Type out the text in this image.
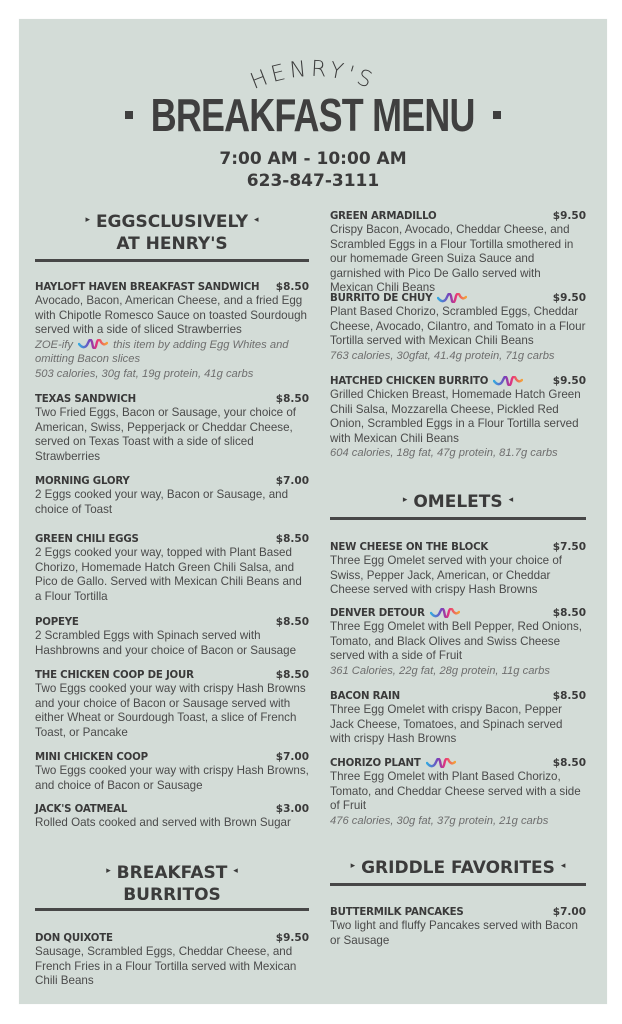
HENRY'S
BREAKFAST MENU
7:00 AM - 10:00 AM
623-847-3111
▸ EGGSCLUSIVELY ◂
AT HENRY'S
HAYLOFT HAVEN BREAKFAST SANDWICH $8.50
Avocado, Bacon, American Cheese, and a fried Egg with Chipotle Romesco Sauce on toasted Sourdough served with a side of sliced Strawberries
ZOE-ify	this item by adding Egg Whites and omitting Bacon slices
503 calories, 30g fat, 19g protein, 41g carbs
TEXAS SANDWICH	$8.50
Two Fried Eggs, Bacon or Sausage, your choice of American, Swiss, Pepperjack or Cheddar Cheese, served on Texas Toast with a side of sliced Strawberries
MORNING GLORY	$7.00
2 Eggs cooked your way, Bacon or Sausage, and choice of Toast
GREEN CHILI EGGS	$8.50
2 Eggs cooked your way, topped with Plant Based Chorizo, Homemade Hatch Green Chili Salsa, and Pico de Gallo. Served with Mexican Chili Beans and a Flour Tortilla
POPEYE	$8.50
2 Scrambled Eggs with Spinach served with Hashbrowns and your choice of Bacon or Sausage
THE CHICKEN COOP DE JOUR	$8.50
Two Eggs cooked your way with crispy Hash Browns and your choice of Bacon or Sausage served with either Wheat or Sourdough Toast, a slice of French Toast, or Pancake
MINI CHICKEN COOP	$7.00
Two Eggs cooked your way with crispy Hash Browns, and choice of Bacon or Sausage
JACK'S OATMEAL	$3.00
Rolled Oats cooked and served with Brown Sugar
▸ BREAKFAST ◂
BURRITOS
DON QUIXOTE	$9.50
Sausage, Scrambled Eggs, Cheddar Cheese, and French Fries in a Flour Tortilla served with Mexican Chili Beans
GREEN ARMADILLO	$9.50
Crispy Bacon, Avocado, Cheddar Cheese, and Scrambled Eggs in a Flour Tortilla smothered in our homemade Green Suiza Sauce and garnished with Pico De Gallo served with Mexican Chili Beans
BURRITO DE CHUY	$9.50
Plant Based Chorizo, Scrambled Eggs, Cheddar Cheese, Avocado, Cilantro, and Tomato in a Flour Tortilla served with Mexican Chili Beans
763 calories, 30gfat, 41.4g protein, 71g carbs
HATCHED CHICKEN BURRITO	$9.50
Grilled Chicken Breast, Homemade Hatch Green Chili Salsa, Mozzarella Cheese, Pickled Red Onion, Scrambled Eggs in a Flour Tortilla served with Mexican Chili Beans
604 calories, 18g fat, 47g protein, 81.7g carbs
▸ OMELETS ◂
NEW CHEESE ON THE BLOCK	$7.50
Three Egg Omelet served with your choice of Swiss, Pepper Jack, American, or Cheddar Cheese served with crispy Hash Browns
DENVER DETOUR	$8.50
Three Egg Omelet with Bell Pepper, Red Onions, Tomato, and Black Olives and Swiss Cheese served with a side of Fruit
361 Calories, 22g fat, 28g protein, 11g carbs
BACON RAIN	$8.50
Three Egg Omelet with crispy Bacon, Pepper Jack Cheese, Tomatoes, and Spinach served with crispy Hash Browns
CHORIZO PLANT	$8.50
Three Egg Omelet with Plant Based Chorizo, Tomato, and Cheddar Cheese served with a side of Fruit
476 calories, 30g fat, 37g protein, 21g carbs
▸ GRIDDLE FAVORITES ◂
BUTTERMILK PANCAKES	$7.00
Two light and fluffy Pancakes served with Bacon or Sausage
